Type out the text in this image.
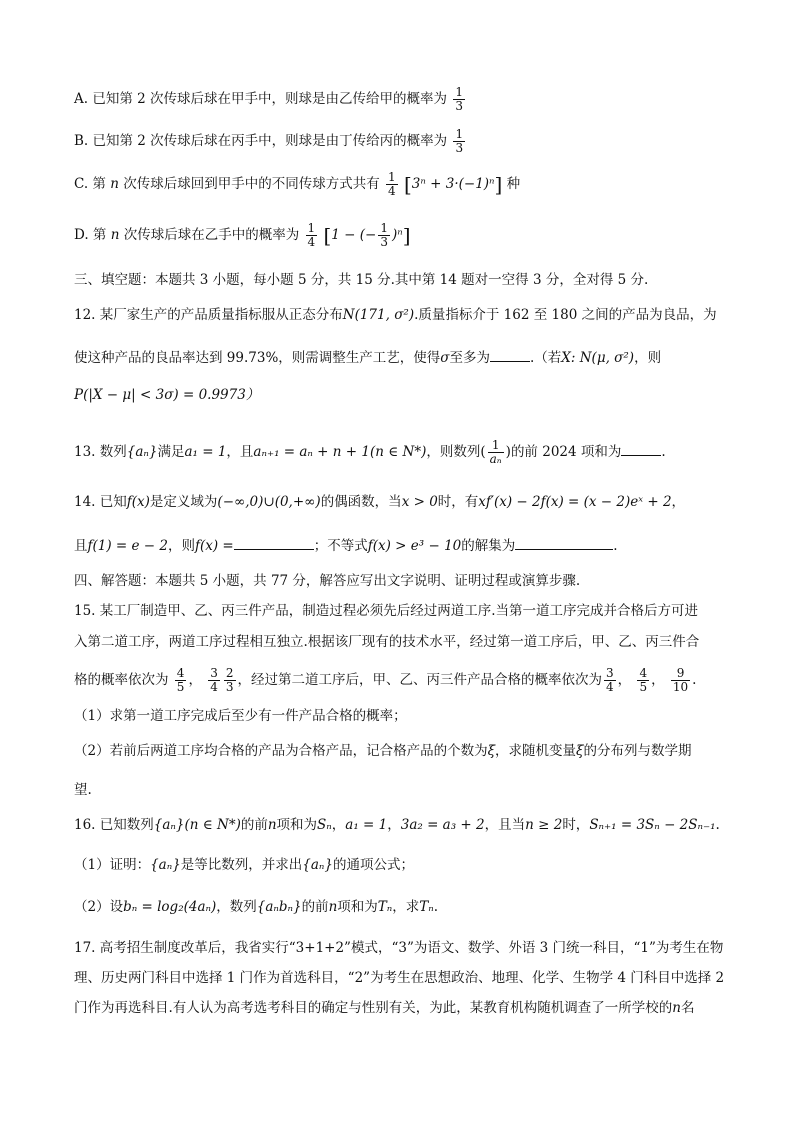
A. 已知第 2 次传球后球在甲手中，则球是由乙传给甲的概率为 $\frac{1}{3}$
B. 已知第 2 次传球后球在丙手中，则球是由丁传给丙的概率为 $\frac{1}{3}$
C. 第 n 次传球后球回到甲手中的不同传球方式共有 $\frac{1}{4} [3^n + 3\cdot(-1)^n]$ 种
D. 第 n 次传球后球在乙手中的概率为 $\frac{1}{4} [1$ − (− $\frac{1}{3} )^n$]
三、填空题：本题共 3 小题，每小题 5 分，共 15 分.其中第 14 题对一空得 3 分，全对得 5 分.
12. 某厂家生产的产品质量指标服从正态分布N(171, σ²).质量指标介于 162 至 180 之间的产品为良品，为
使这种产品的良品率达到 99.73%，则需调整生产工艺，使得σ至多为	.（若X: N(μ, σ²)，则
P(|X − μ| < 3σ) = 0.9973）
13. 数列{aₙ}满足a₁ = 1，且aₙ₊₁ = aₙ + n + 1(n ∈ N*)，则数列( $\frac{1}{\text{aₙ}}$ )的前 2024 项和为	.
14. 已知f(x)是定义域为(−∞,0)∪(0,+∞)的偶函数，当x > 0时，有xf′(x) − 2f(x) = (x − 2)eˣ + 2，
且f(1) = e − 2，则f(x) =	；不等式f(x) > e³ − 10的解集为	.
四、解答题：本题共 5 小题，共 77 分，解答应写出文字说明、证明过程或演算步骤.
15. 某工厂制造甲、乙、丙三件产品，制造过程必须先后经过两道工序.当第一道工序完成并合格后方可进
入第二道工序，两道工序过程相互独立.根据该厂现有的技术水平，经过第一道工序后，甲、乙、丙三件合
格的概率依次为 $\frac{4}{5}$ ， $\frac{3}{4} \frac{2}{3}$ ，经过第二道工序后，甲、乙、丙三件产品合格的概率依次为 $\frac{3}{4}$ ， $\frac{4}{5}$ ， $\frac{9}{10}$ .
（1）求第一道工序完成后至少有一件产品合格的概率；
（2）若前后两道工序均合格的产品为合格产品，记合格产品的个数为ξ，求随机变量ξ的分布列与数学期
望.
16. 已知数列{aₙ}(n ∈ N*)的前n项和为Sₙ，a₁ = 1，3a₂ = a₃ + 2，且当n ≥ 2时，Sₙ₊₁ = 3Sₙ − 2Sₙ₋₁.
（1）证明：{aₙ}是等比数列，并求出{aₙ}的通项公式；
（2）设bₙ = log₂(4aₙ)，数列{aₙbₙ}的前n项和为Tₙ，求Tₙ.
17. 高考招生制度改革后，我省实行“3+1+2”模式，“3”为语文、数学、外语 3 门统一科目，“1”为考生在物
理、历史两门科目中选择 1 门作为首选科目，“2”为考生在思想政治、地理、化学、生物学 4 门科目中选择 2
门作为再选科目.有人认为高考选考科目的确定与性别有关，为此，某教育机构随机调查了一所学校的n名
